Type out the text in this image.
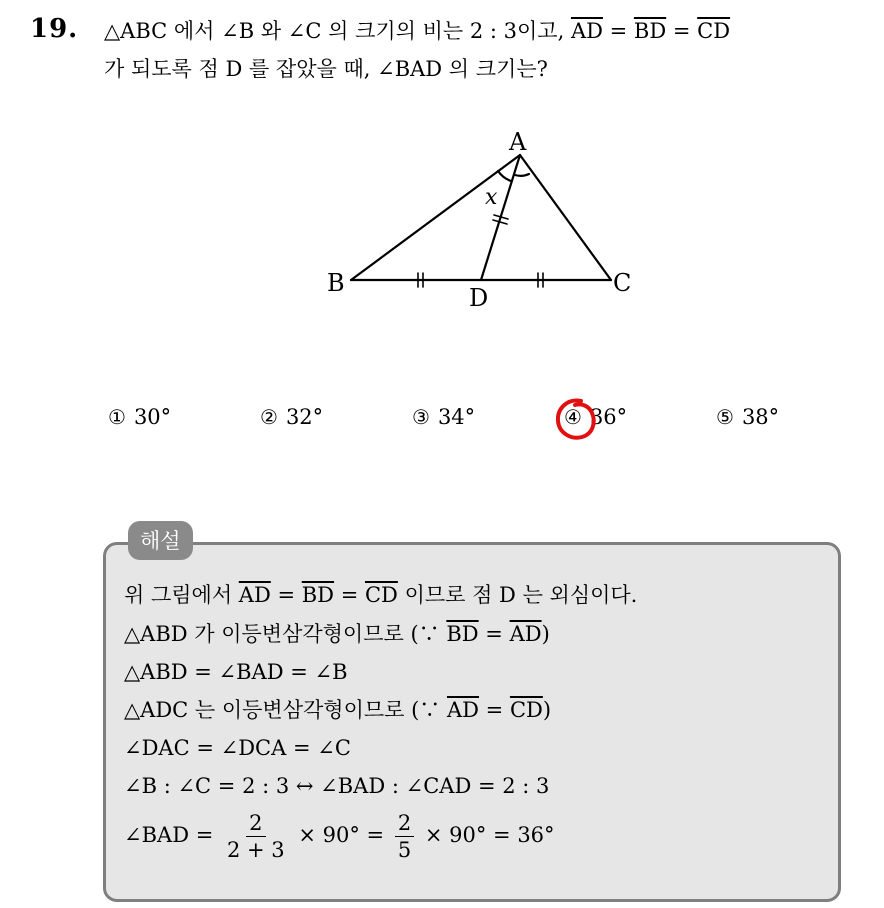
19. △ABC 에서 ∠B 와 ∠C 의 크기의 비는 2 : 3이고, $\overline{AD} = \overline{BD} = \overline{CD}$
가 되도록 점 D 를 잡았을 때, ∠BAD 의 크기는?
A
B	C
D
x
① 30°	② 32°	③ 34°	④ 36°	⑤ 38°
해설
위 그림에서 $\overline{AD} = \overline{BD} = \overline{CD}$ 이므로 점 D 는 외심이다.
△ABD 가 이등변삼각형이므로 (∵ $\overline{BD} = \overline{AD}$)
△ABD = ∠BAD = ∠B
△ADC 는 이등변삼각형이므로 (∵ $\overline{AD} = \overline{CD}$)
∠DAC = ∠DCA = ∠C
∠B : ∠C = 2 : 3 ↔ ∠BAD : ∠CAD = 2 : 3
∠BAD = $\frac{2}{2 + 3} \times 90^\circ = \frac{2}{5} \times 90^\circ = 36^\circ$
